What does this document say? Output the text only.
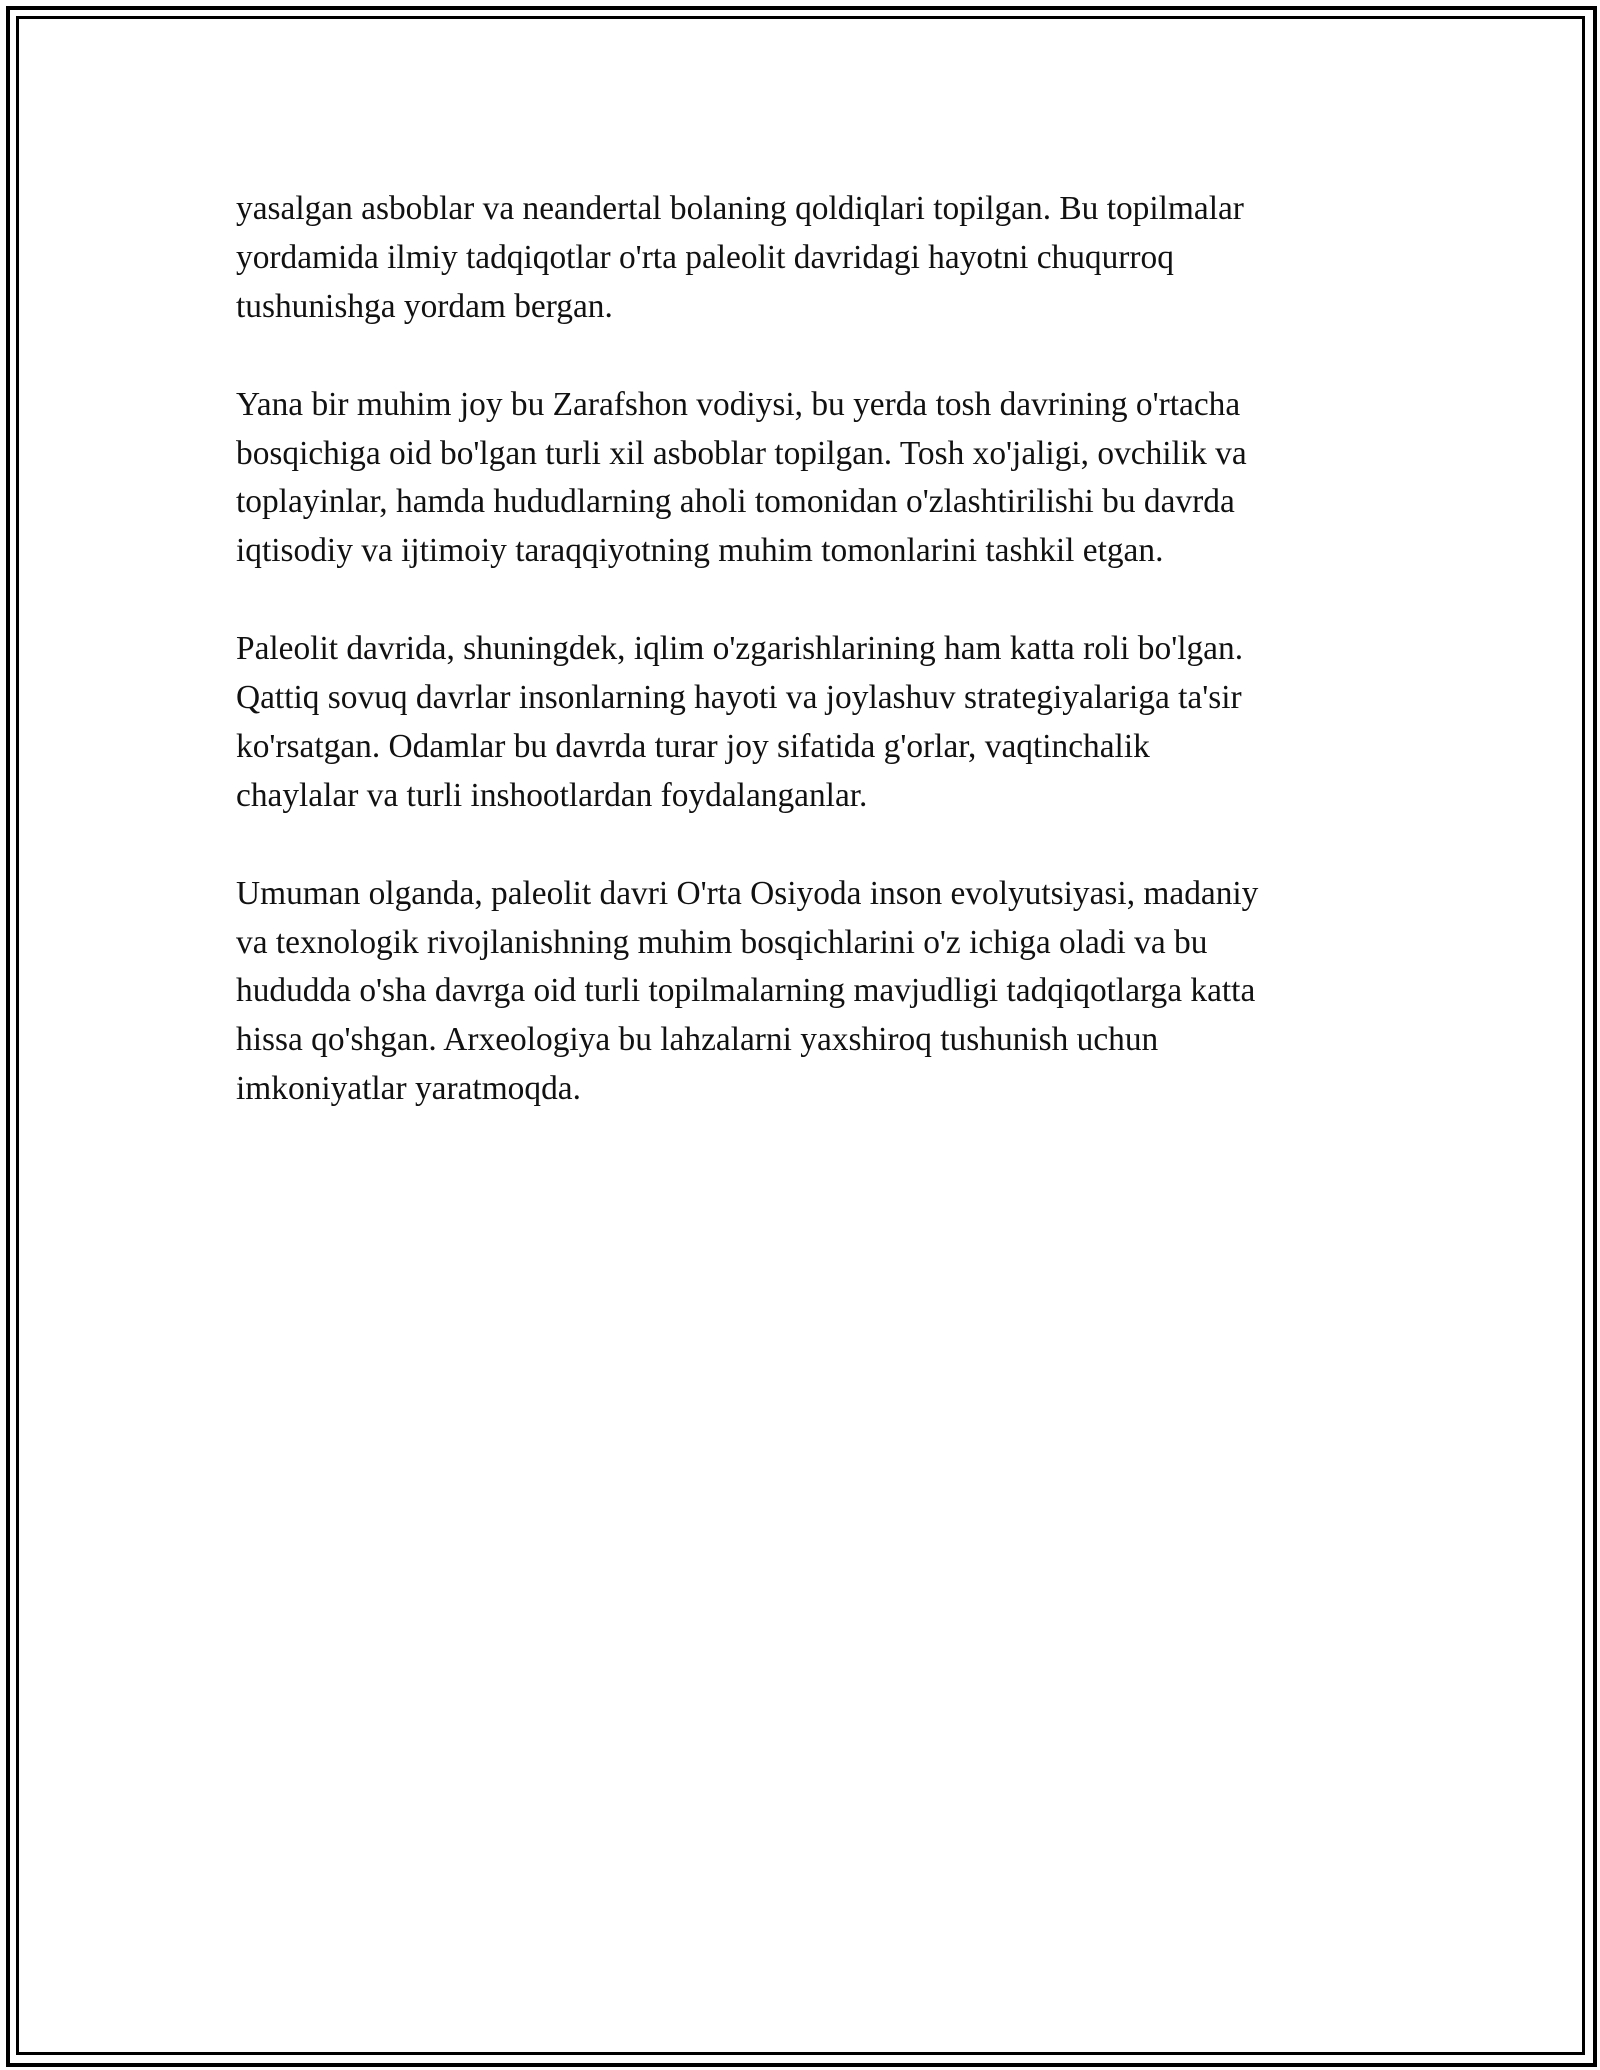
yasalgan asboblar va neandertal bolaning qoldiqlari topilgan. Bu topilmalar
yordamida ilmiy tadqiqotlar o'rta paleolit davridagi hayotni chuqurroq
tushunishga yordam bergan.

Yana bir muhim joy bu Zarafshon vodiysi, bu yerda tosh davrining o'rtacha
bosqichiga oid bo'lgan turli xil asboblar topilgan. Tosh xo'jaligi, ovchilik va
toplayinlar, hamda hududlarning aholi tomonidan o'zlashtirilishi bu davrda
iqtisodiy va ijtimoiy taraqqiyotning muhim tomonlarini tashkil etgan.

Paleolit davrida, shuningdek, iqlim o'zgarishlarining ham katta roli bo'lgan.
Qattiq sovuq davrlar insonlarning hayoti va joylashuv strategiyalariga ta'sir
ko'rsatgan. Odamlar bu davrda turar joy sifatida g'orlar, vaqtinchalik
chaylalar va turli inshootlardan foydalanganlar.

Umuman olganda, paleolit davri O'rta Osiyoda inson evolyutsiyasi, madaniy
va texnologik rivojlanishning muhim bosqichlarini o'z ichiga oladi va bu
hududda o'sha davrga oid turli topilmalarning mavjudligi tadqiqotlarga katta
hissa qo'shgan. Arxeologiya bu lahzalarni yaxshiroq tushunish uchun
imkoniyatlar yaratmoqda.
